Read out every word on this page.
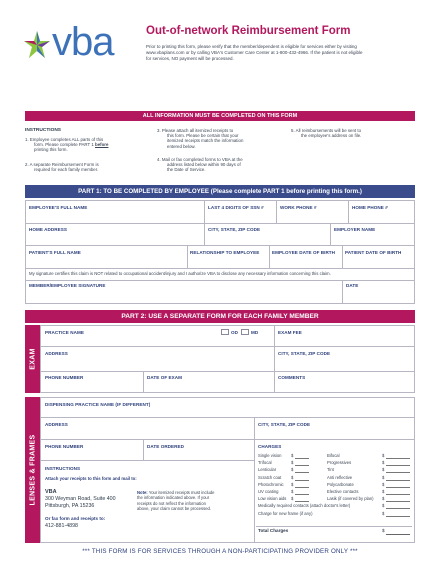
vba	Out-of-network Reimbursement Form
Prior to printing this form, please verify that the member/dependent is eligible for services either by visiting
www.vbaplans.com or by calling VBA's Customer Care Center at 1-800-432-4966. If the patient is not eligible
for services, NO payment will be processed.
ALL INFORMATION MUST BE COMPLETED ON THIS FORM
INSTRUCTIONS
1. Employee completes ALL parts of this
form. Please complete PART 1 before
printing this form.
2. A separate Reimbursement Form is
required for each family member.
3. Please attach all itemized receipts to
this form. Please be certain that your
itemized receipts match the information
entered below.
4. Mail or fax completed forms to VBA at the
address listed below within 90 days of
the Date of Service.
5. All reimbursements will be sent to
the employee's address on file.
PART 1: TO BE COMPLETED BY EMPLOYEE (Please complete PART 1 before printing this form.)
EMPLOYEE'S FULL NAME	LAST 4 DIGITS OF SSN #	WORK PHONE #	HOME PHONE #
HOME ADDRESS	CITY, STATE, ZIP CODE	EMPLOYER NAME
PATIENT'S FULL NAME	RELATIONSHIP TO EMPLOYEE	EMPLOYEE DATE OF BIRTH PATIENT DATE OF BIRTH
My signature certifies this claim is NOT related to occupational accident/injury and I authorize VBA to disclose any necessary information concerning this claim.
MEMBER/EMPLOYEE SIGNATURE	DATE
PART 2: USE A SEPARATE FORM FOR EACH FAMILY MEMBER
EXAM
PRACTICE NAME	OD	MD	EXAM FEE
ADDRESS	CITY, STATE, ZIP CODE
PHONE NUMBER	DATE OF EXAM	COMMENTS
LENSES & FRAMES
DISPENSING PRACTICE NAME (IF DIFFERENT)
ADDRESS	CITY, STATE, ZIP CODE
PHONE NUMBER	DATE ORDERED	CHARGES
INSTRUCTIONS
Attach your receipts to this form and mail to:
VBA
300 Weyman Road, Suite 400
Pittsburgh, PA 15236
Or fax form and receipts to:
412-881-4898
Note: Your itemized receipts must include
the information indicated above. If your
receipts do not reflect the information
above, your claim cannot be processed.
Single vision $
Trifocal	$
Lenticular	$
Scratch coat $
Photochromic $
UV coating	$
Low vision aids $
Bifocal	$
Progressives	$
Tint	$
Anti reflective	$
Polycarbonate	$
Elective contacts	$
Lasik (if covered by plan) $
Medically required contacts (attach doctor's letter)	$
Charge for new frame (if any)	$
Total Charges	$
*** THIS FORM IS FOR SERVICES THROUGH A NON-PARTICIPATING PROVIDER ONLY ***
